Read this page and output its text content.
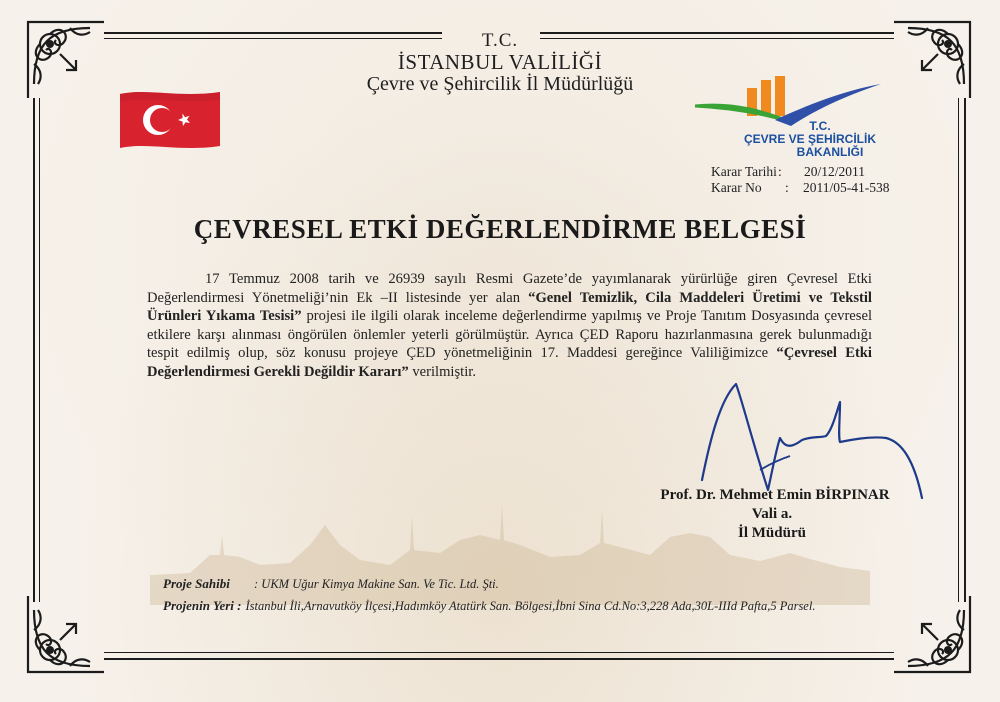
T.C.
İSTANBUL VALİLİĞİ
Çevre ve Şehircilik İl Müdürlüğü
T.C.
ÇEVRE VE ŞEHİRCİLİK
BAKANLIĞI
Karar Tarihi: 20/12/2011
Karar No : 2011/05-41-538
ÇEVRESEL ETKİ DEĞERLENDİRME BELGESİ

17 Temmuz 2008 tarih ve 26939 sayılı Resmi Gazete’de yayımlanarak yürürlüğe giren Çevresel Etki Değerlendirmesi Yönetmeliği’nin Ek –II listesinde yer alan “Genel Temizlik, Cila Maddeleri Üretimi ve Tekstil Ürünleri Yıkama Tesisi” projesi ile ilgili olarak inceleme değerlendirme yapılmış ve Proje Tanıtım Dosyasında çevresel etkilere karşı alınması öngörülen önlemler yeterli görülmüştür. Ayrıca ÇED Raporu hazırlanmasına gerek bulunmadığı tespit edilmiş olup, söz konusu projeye ÇED yönetmeliğinin 17. Maddesi gereğince Valiliğimizce “Çevresel Etki Değerlendirmesi Gerekli Değildir Kararı” verilmiştir.

Prof. Dr. Mehmet Emin BİRPINAR
Vali a.
İl Müdürü
Proje Sahibi : UKM Uğur Kimya Makine San. Ve Tic. Ltd. Şti.
Projenin Yeri : İstanbul İli,Arnavutköy İlçesi,Hadımköy Atatürk San. Bölgesi,İbni Sina Cd.No:3,228 Ada,30L-IIId Pafta,5 Parsel.
